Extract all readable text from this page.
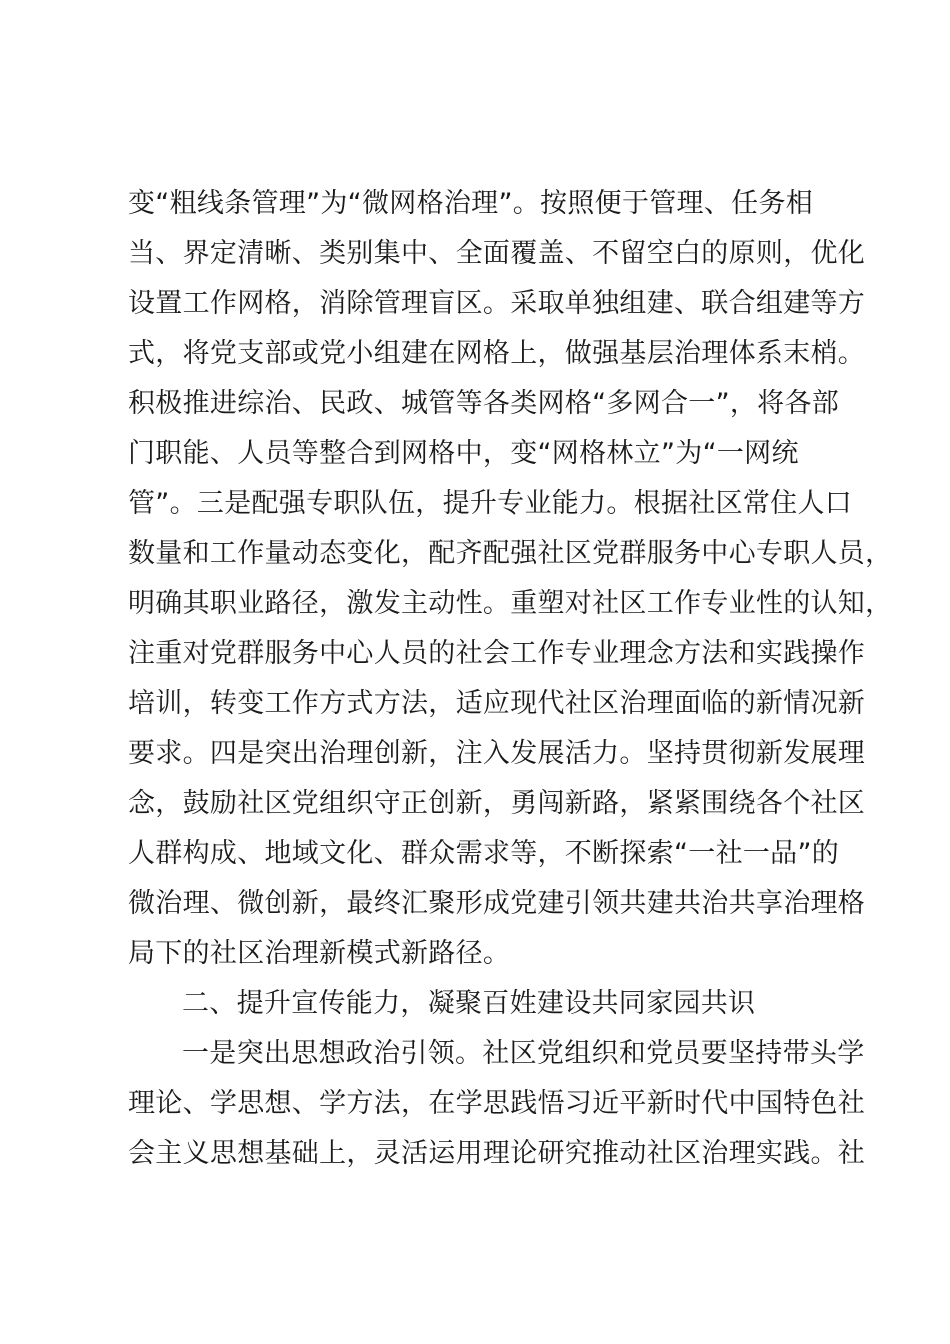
变“粗线条管理”为“微网格治理”。按照便于管理、任务相
当、界定清晰、类别集中、全面覆盖、不留空白的原则，优化
设置工作网格，消除管理盲区。采取单独组建、联合组建等方
式，将党支部或党小组建在网格上，做强基层治理体系末梢。
积极推进综治、民政、城管等各类网格“多网合一”，将各部
门职能、人员等整合到网格中，变“网格林立”为“一网统
管”。三是配强专职队伍，提升专业能力。根据社区常住人口
数量和工作量动态变化，配齐配强社区党群服务中心专职人员，
明确其职业路径，激发主动性。重塑对社区工作专业性的认知，
注重对党群服务中心人员的社会工作专业理念方法和实践操作
培训，转变工作方式方法，适应现代社区治理面临的新情况新
要求。四是突出治理创新，注入发展活力。坚持贯彻新发展理
念，鼓励社区党组织守正创新，勇闯新路，紧紧围绕各个社区
人群构成、地域文化、群众需求等，不断探索“一社一品”的
微治理、微创新，最终汇聚形成党建引领共建共治共享治理格
局下的社区治理新模式新路径。
二、提升宣传能力，凝聚百姓建设共同家园共识
一是突出思想政治引领。社区党组织和党员要坚持带头学
理论、学思想、学方法，在学思践悟习近平新时代中国特色社
会主义思想基础上，灵活运用理论研究推动社区治理实践。社
